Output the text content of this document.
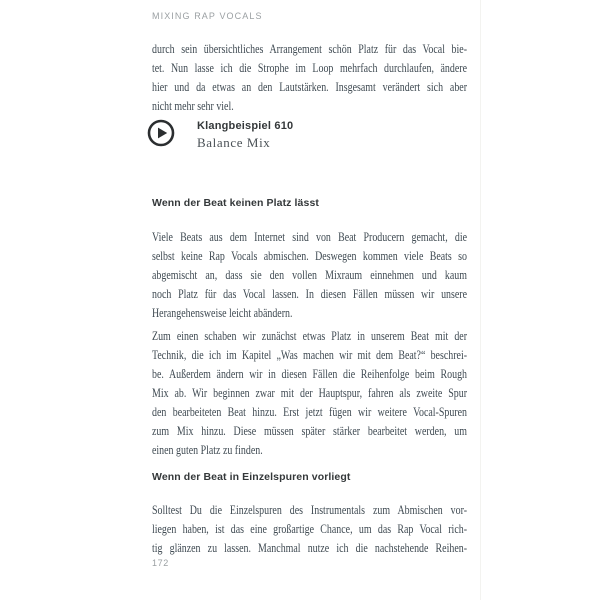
MIXING RAP VOCALS
durch sein übersichtliches Arrangement schön Platz für das Vocal bie-
tet. Nun lasse ich die Strophe im Loop mehrfach durchlaufen, ändere
hier und da etwas an den Lautstärken. Insgesamt verändert sich aber
nicht mehr sehr viel.
Klangbeispiel 610
Balance Mix
Wenn der Beat keinen Platz lässt
Viele Beats aus dem Internet sind von Beat Producern gemacht, die
selbst keine Rap Vocals abmischen. Deswegen kommen viele Beats so
abgemischt an, dass sie den vollen Mixraum einnehmen und kaum
noch Platz für das Vocal lassen. In diesen Fällen müssen wir unsere
Herangehensweise leicht abändern.
Zum einen schaben wir zunächst etwas Platz in unserem Beat mit der
Technik, die ich im Kapitel „Was machen wir mit dem Beat?“ beschrei-
be. Außerdem ändern wir in diesen Fällen die Reihenfolge beim Rough
Mix ab. Wir beginnen zwar mit der Hauptspur, fahren als zweite Spur
den bearbeiteten Beat hinzu. Erst jetzt fügen wir weitere Vocal-Spuren
zum Mix hinzu. Diese müssen später stärker bearbeitet werden, um
einen guten Platz zu finden.
Wenn der Beat in Einzelspuren vorliegt
Solltest Du die Einzelspuren des Instrumentals zum Abmischen vor-
liegen haben, ist das eine großartige Chance, um das Rap Vocal rich-
tig glänzen zu lassen. Manchmal nutze ich die nachstehende Reihen-
172
